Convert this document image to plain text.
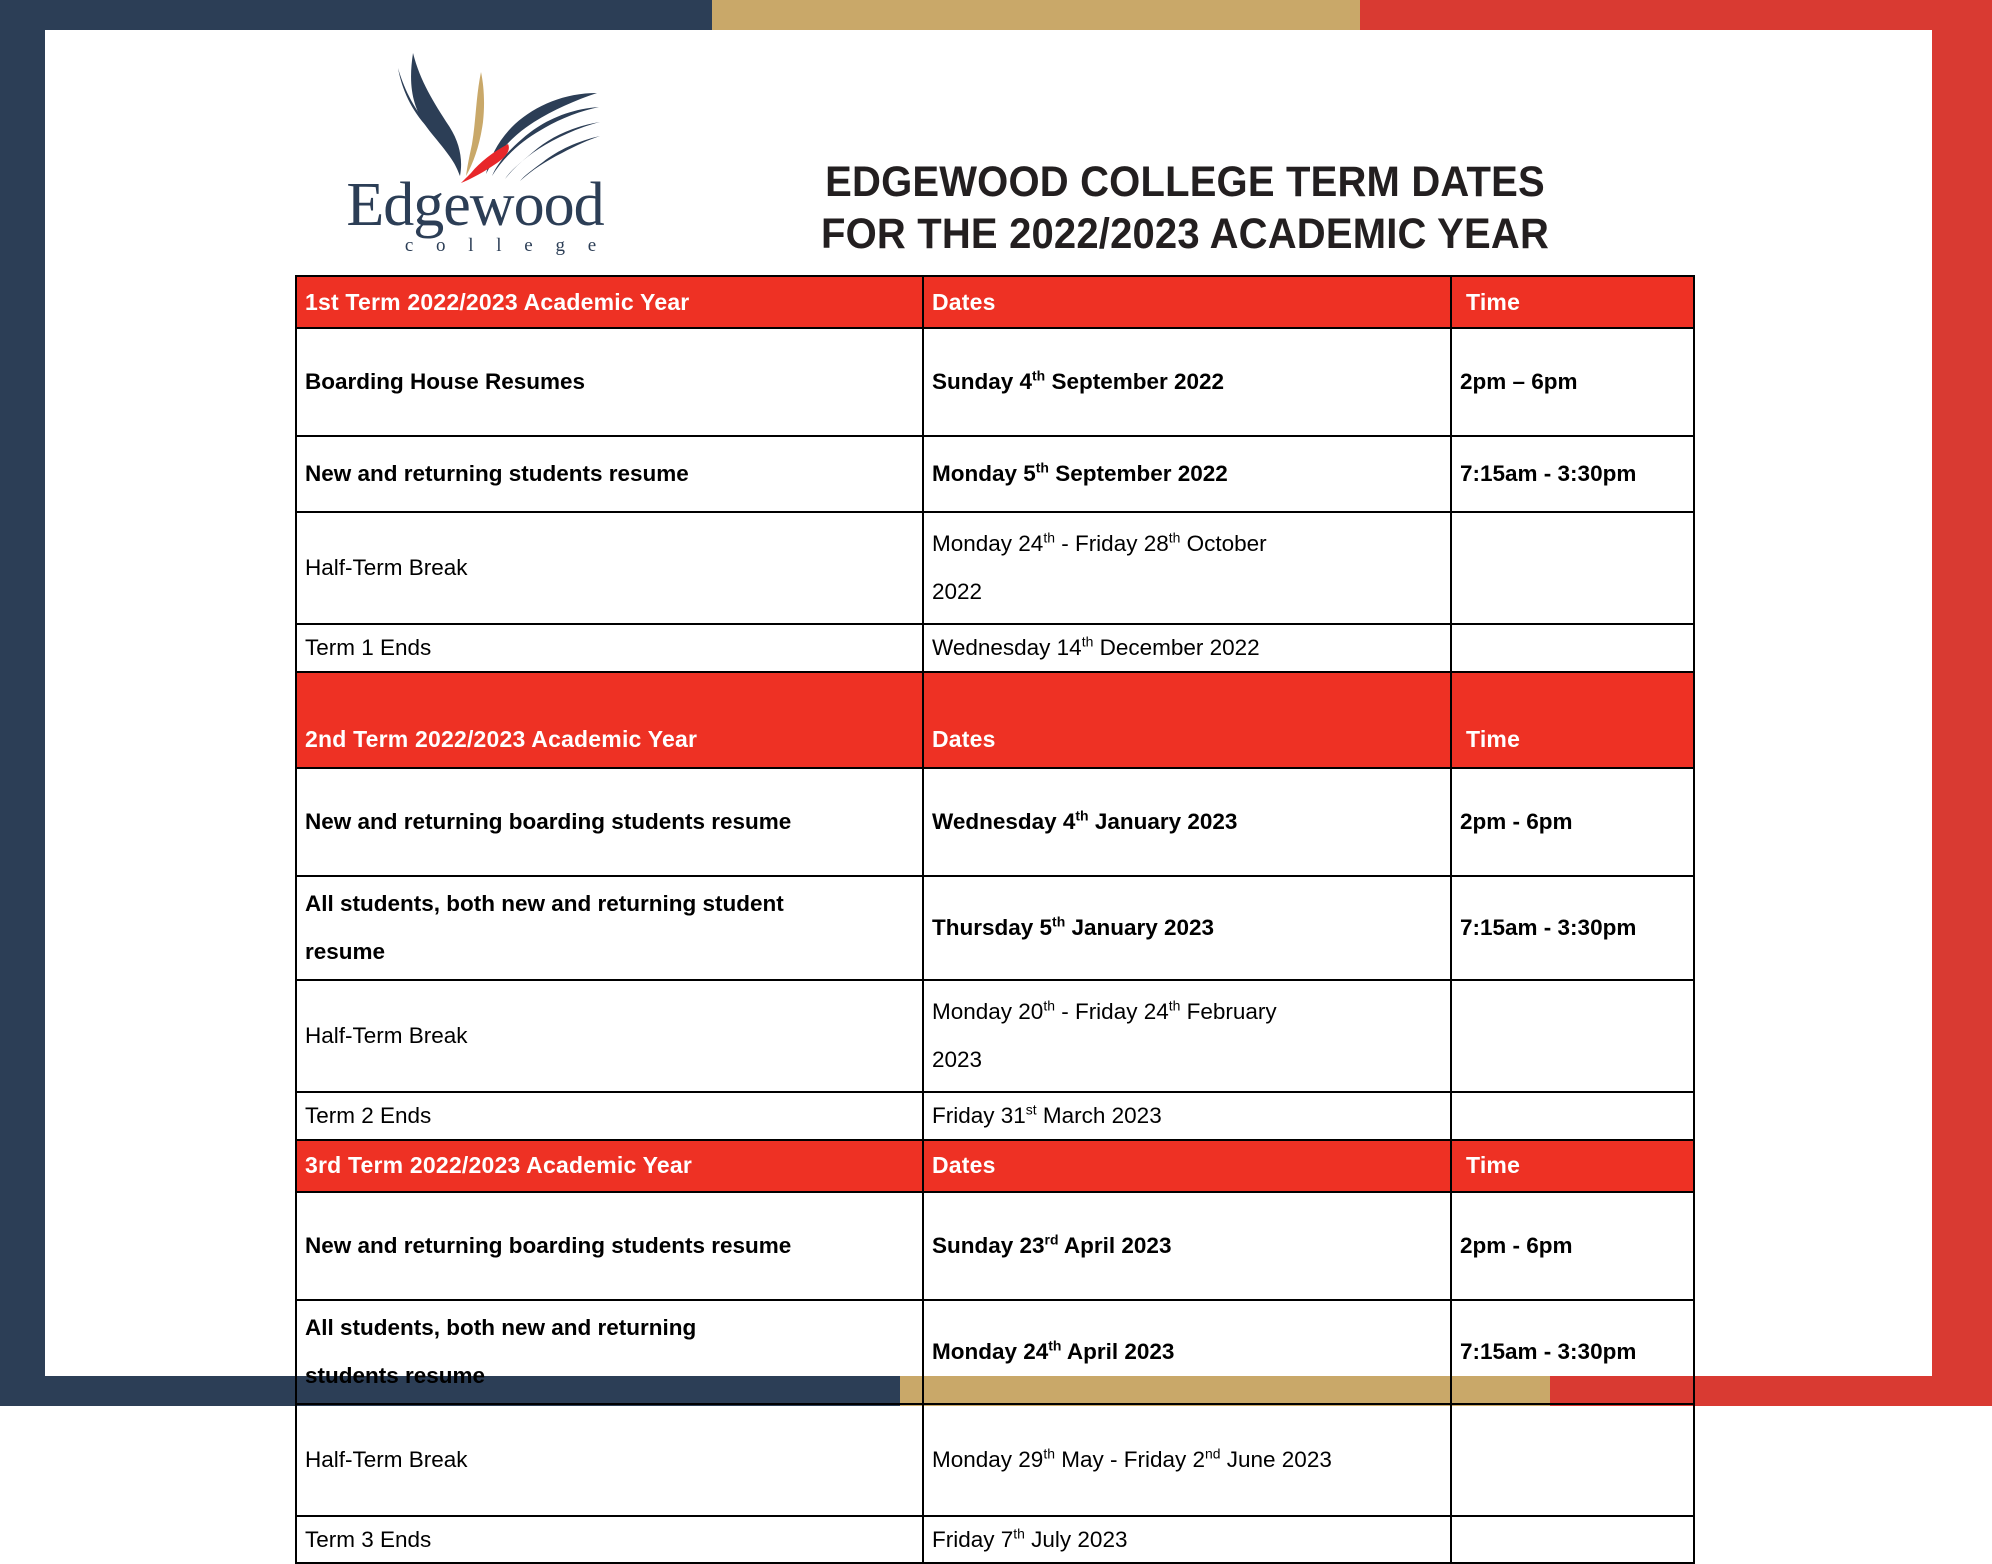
Edgewood
c o l l e g e
EDGEWOOD COLLEGE TERM DATES
FOR THE 2022/2023 ACADEMIC YEAR
1st Term 2022/2023 Academic Year	Dates	Time

Boarding House Resumes	Sunday 4th September 2022	2pm – 6pm

New and returning students resume	Monday 5th September 2022	7:15am - 3:30pm

Half-Term Break	Monday 24th - Friday 28th October
2022	

Term 1 Ends	Wednesday 14th December 2022	

2nd Term 2022/2023 Academic Year	Dates	Time

New and returning boarding students resume	Wednesday 4th January 2023	2pm - 6pm

All students, both new and returning student
resume	Thursday 5th January 2023	7:15am - 3:30pm

Half-Term Break	Monday 20th - Friday 24th February
2023	

Term 2 Ends	Friday 31st March 2023	

3rd Term 2022/2023 Academic Year	Dates	Time

New and returning boarding students resume	Sunday 23rd April 2023	2pm - 6pm

All students, both new and returning
students resume	Monday 24th April 2023	7:15am - 3:30pm

Half-Term Break	Monday 29th May - Friday 2nd June 2023	

Term 3 Ends	Friday 7th July 2023	
